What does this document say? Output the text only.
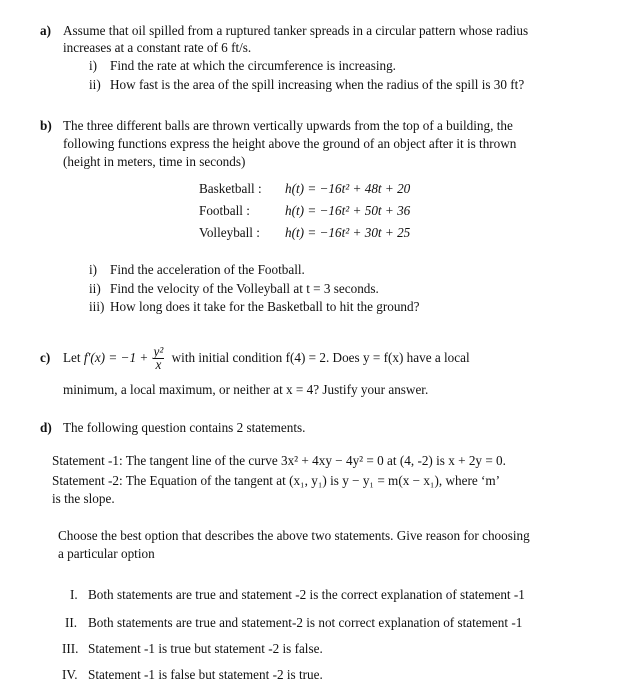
a) Assume that oil spilled from a ruptured tanker spreads in a circular pattern whose radius
increases at a constant rate of 6 ft/s.
i) Find the rate at which the circumference is increasing.
ii) How fast is the area of the spill increasing when the radius of the spill is 30 ft?
b) The three different balls are thrown vertically upwards from the top of a building, the
following functions express the height above the ground of an object after it is thrown
(height in meters, time in seconds)
Basketball : h(t) = −16t² + 48t + 20
Football :	h(t) = −16t² + 50t + 36
Volleyball : h(t) = −16t² + 30t + 25
i) Find the acceleration of the Football.
ii) Find the velocity of the Volleyball at t = 3 seconds.
iii) How long does it take for the Basketball to hit the ground?
c) Let $f'(x) = -1 + \frac{\text{y²}}{x}$ with initial condition f(4) = 2. Does y = f(x) have a local
minimum, a local maximum, or neither at x = 4? Justify your answer.
d) The following question contains 2 statements.
Statement -1: The tangent line of the curve 3x² + 4xy − 4y² = 0 at (4, -2) is x + 2y = 0.
Statement -2: The Equation of the tangent at (x₁, y₁) is y − y₁ = m(x − x₁), where ‘m’
is the slope.
Choose the best option that describes the above two statements. Give reason for choosing
a particular option
I. Both statements are true and statement -2 is the correct explanation of statement -1
II. Both statements are true and statement-2 is not correct explanation of statement -1
III. Statement -1 is true but statement -2 is false.
IV. Statement -1 is false but statement -2 is true.
